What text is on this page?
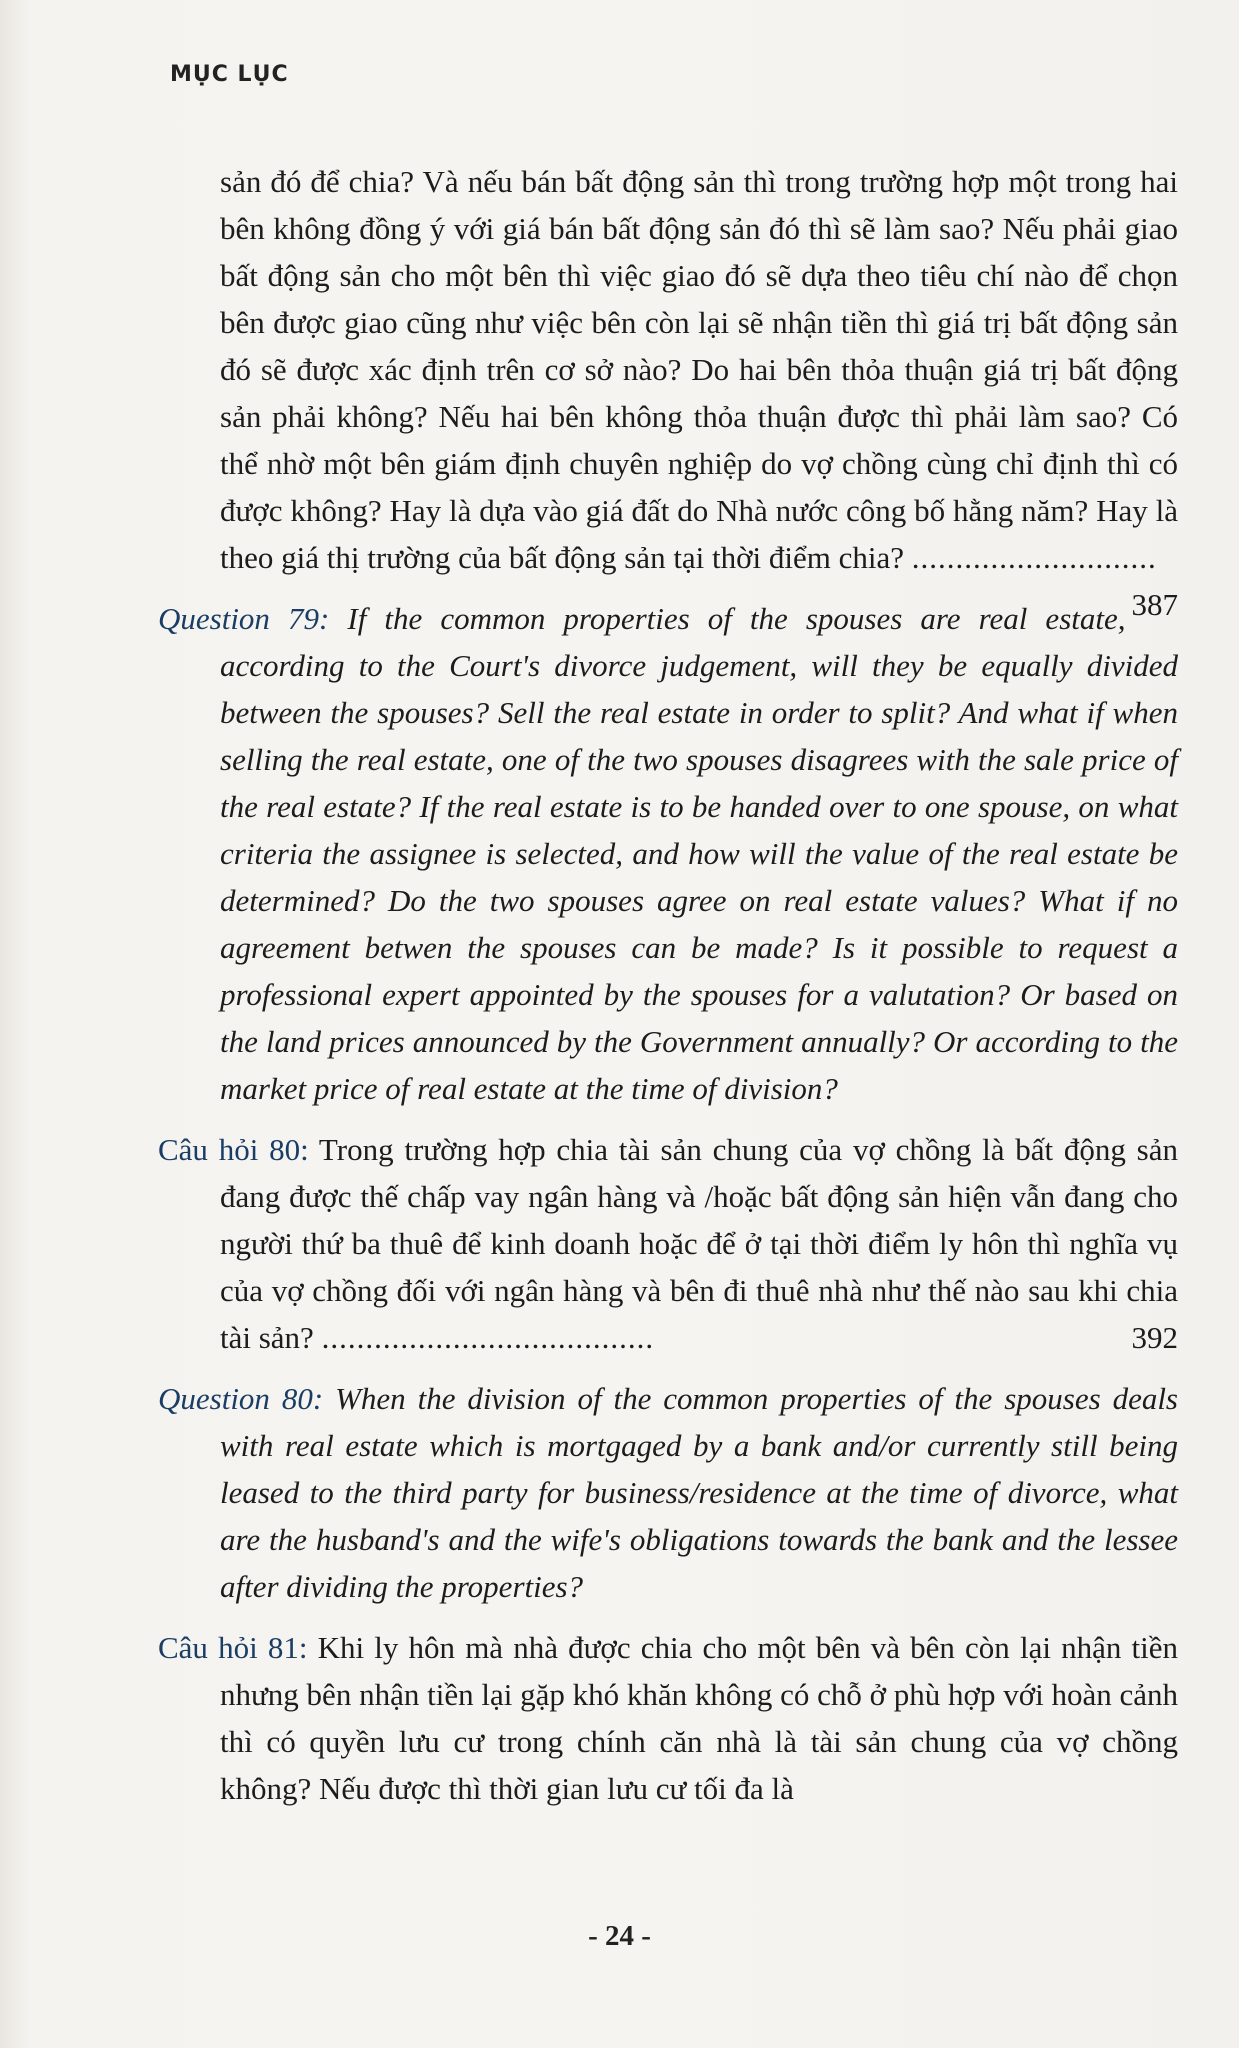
MỤC LỤC
sản đó để chia? Và nếu bán bất động sản thì trong trường hợp một trong hai bên không đồng ý với giá bán bất động sản đó thì sẽ làm sao? Nếu phải giao bất động sản cho một bên thì việc giao đó sẽ dựa theo tiêu chí nào để chọn bên được giao cũng như việc bên còn lại sẽ nhận tiền thì giá trị bất động sản đó sẽ được xác định trên cơ sở nào? Do hai bên thỏa thuận giá trị bất động sản phải không? Nếu hai bên không thỏa thuận được thì phải làm sao? Có thể nhờ một bên giám định chuyên nghiệp do vợ chồng cùng chỉ định thì có được không? Hay là dựa vào giá đất do Nhà nước công bố hằng năm? Hay là theo giá thị trường của bất động sản tại thời điểm chia? ............................
387
Question 79: If the common properties of the spouses are real estate, according to the Court's divorce judgement, will they be equally divided between the spouses? Sell the real estate in order to split? And what if when selling the real estate, one of the two spouses disagrees with the sale price of the real estate? If the real estate is to be handed over to one spouse, on what criteria the assignee is selected, and how will the value of the real estate be determined? Do the two spouses agree on real estate values? What if no agreement betwen the spouses can be made? Is it possible to request a professional expert appointed by the spouses for a valutation? Or based on the land prices announced by the Government annually? Or according to the market price of real estate at the time of division?
Câu hỏi 80: Trong trường hợp chia tài sản chung của vợ chồng là bất động sản đang được thế chấp vay ngân hàng và /hoặc bất động sản hiện vẫn đang cho người thứ ba thuê để kinh doanh hoặc để ở tại thời điểm ly hôn thì nghĩa vụ của vợ chồng đối với ngân hàng và bên đi thuê nhà như thế nào sau khi chia tài sản? ......................................	392
Question 80: When the division of the common properties of the spouses deals with real estate which is mortgaged by a bank and/or currently still being leased to the third party for business/residence at the time of divorce, what are the husband's and the wife's obligations towards the bank and the lessee after dividing the properties?
Câu hỏi 81: Khi ly hôn mà nhà được chia cho một bên và bên còn lại nhận tiền nhưng bên nhận tiền lại gặp khó khăn không có chỗ ở phù hợp với hoàn cảnh thì có quyền lưu cư trong chính căn nhà là tài sản chung của vợ chồng không? Nếu được thì thời gian lưu cư tối đa là
- 24 -
